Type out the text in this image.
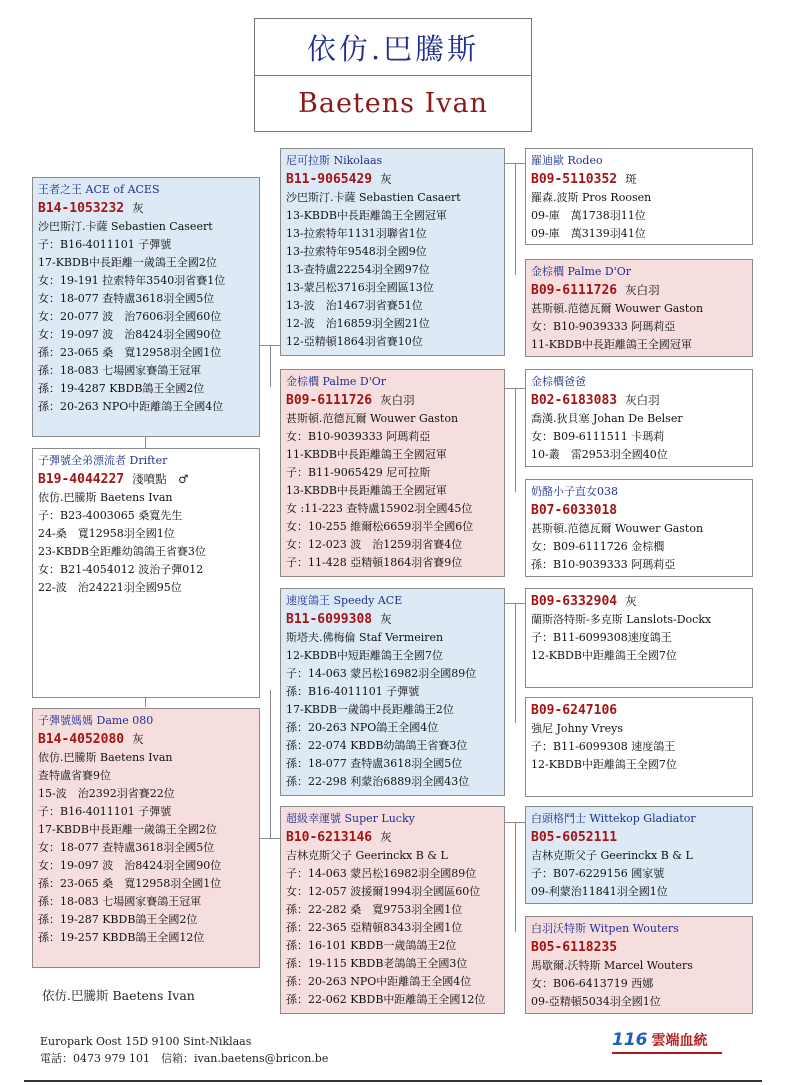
依仿.巴騰斯
Baetens Ivan
王者之王 ACE of ACES
B14-1053232 灰
沙巴斯汀.卡薩 Sebastien Caseert
子：B16-4011101 子彈號
17-KBDB中長距離一歲鴿王全國2位
女：19-191 拉索特年3540羽省賽1位
女：18-077 查特盧3618羽全國5位
女：20-077 波　治7606羽全國60位
女：19-097 波　治8424羽全國90位
孫：23-065 桑　寬12958羽全國1位
孫：18-083 七場國家賽鴿王冠軍
孫：19-4287 KBDB鴿王全國2位
孫：20-263 NPO中距離鴿王全國4位
子彈號全弟漂流者 Drifter
B19-4044227 淺噴點　♂
依仿.巴騰斯 Baetens Ivan
子：B23-4003065 桑寬先生
24-桑　寬12958羽全國1位
23-KBDB全距離幼鴿鴿王省賽3位
女：B21-4054012 波治子彈012
22-波　治24221羽全國95位
子彈號媽媽 Dame 080
B14-4052080 灰
依仿.巴騰斯 Baetens Ivan
查特盧省賽9位
15-波　治2392羽省賽22位
子：B16-4011101 子彈號
17-KBDB中長距離一歲鴿王全國2位
女：18-077 查特盧3618羽全國5位
女：19-097 波　治8424羽全國90位
孫：23-065 桑　寬12958羽全國1位
孫：18-083 七場國家賽鴿王冠軍
孫：19-287 KBDB鴿王全國2位
孫：19-257 KBDB鴿王全國12位
尼可拉斯 Nikolaas
B11-9065429 灰
沙巴斯汀.卡薩 Sebastien Casaert
13-KBDB中長距離鴿王全國冠軍
13-拉索特年1131羽聯省1位
13-拉索特年9548羽全國9位
13-查特盧22254羽全國97位
13-蒙呂松3716羽全國區13位
13-波　治1467羽省賽51位
12-波　治16859羽全國21位
12-亞精頓1864羽省賽10位
金棕櫚 Palme D'Or
B09-6111726 灰白羽
甚斯頓.范德瓦爾 Wouwer Gaston
女：B10-9039333 阿瑪莉亞
11-KBDB中長距離鴿王全國冠軍
子：B11-9065429 尼可拉斯
13-KBDB中長距離鴿王全國冠軍
女 :11-223 查特盧15902羽全國45位
女：10-255 維爾松6659羽半全國6位
女：12-023 波　治1259羽省賽4位
子：11-428 亞精頓1864羽省賽9位
速度鴿王 Speedy ACE
B11-6099308 灰
斯塔夫.佛梅倫 Staf Vermeiren
12-KBDB中短距離鴿王全國7位
子：14-063 蒙呂松16982羽全國89位
孫：B16-4011101 子彈號
17-KBDB一歲鴿中長距離鴿王2位
孫：20-263 NPO鴿王全國4位
孫：22-074 KBDB幼鴿鴿王省賽3位
孫：18-077 查特盧3618羽全國5位
孫：22-298 利蒙治6889羽全國43位
超級幸運號 Super Lucky
B10-6213146 灰
吉林克斯父子 Geerinckx B & L
子：14-063 蒙呂松16982羽全國89位
女：12-057 波援爾1994羽全國區60位
孫：22-282 桑　寬9753羽全國1位
孫：22-365 亞精頓8343羽全國1位
孫：16-101 KBDB一歲鴿鴿王2位
孫：19-115 KBDB老鴿鴿王全國3位
孫：20-263 NPO中距離鴿王全國4位
孫：22-062 KBDB中距離鴿王全國12位
羅迪歐 Rodeo
B09-5110352 斑
羅森.波斯 Pros Roosen
09-庫　萬1738羽11位
09-庫　萬3139羽41位
金棕櫚 Palme D'Or
B09-6111726 灰白羽
甚斯頓.范德瓦爾 Wouwer Gaston
女：B10-9039333 阿瑪莉亞
11-KBDB中長距離鴿王全國冠軍
金棕櫚爸爸
B02-6183083 灰白羽
喬漢.狄貝塞 Johan De Belser
女：B09-6111511 卡瑪莉
10-叢　雷2953羽全國40位
奶酪小子直女038
B07-6033018
甚斯頓.范德瓦爾 Wouwer Gaston
女：B09-6111726 金棕櫚
孫：B10-9039333 阿瑪莉亞
B09-6332904 灰
蘭斯洛特斯-多克斯 Lanslots-Dockx
子：B11-6099308速度鴿王
12-KBDB中距離鴿王全國7位
B09-6247106
強尼 Johny Vreys
子：B11-6099308 速度鴿王
12-KBDB中距離鴿王全國7位
白頭格鬥士 Wittekop Gladiator
B05-6052111
吉林克斯父子 Geerinckx B & L
子：B07-6229156 國家號
09-利蒙治11841羽全國1位
白羽沃特斯 Witpen Wouters
B05-6118235
馬歇爾.沃特斯 Marcel Wouters
女：B06-6413719 西娜
09-亞精頓5034羽全國1位
依仿.巴騰斯 Baetens Ivan
Europark Oost 15D 9100 Sint-Niklaas
電話：0473 979 101　信箱：ivan.baetens@bricon.be
116 雲端血統
